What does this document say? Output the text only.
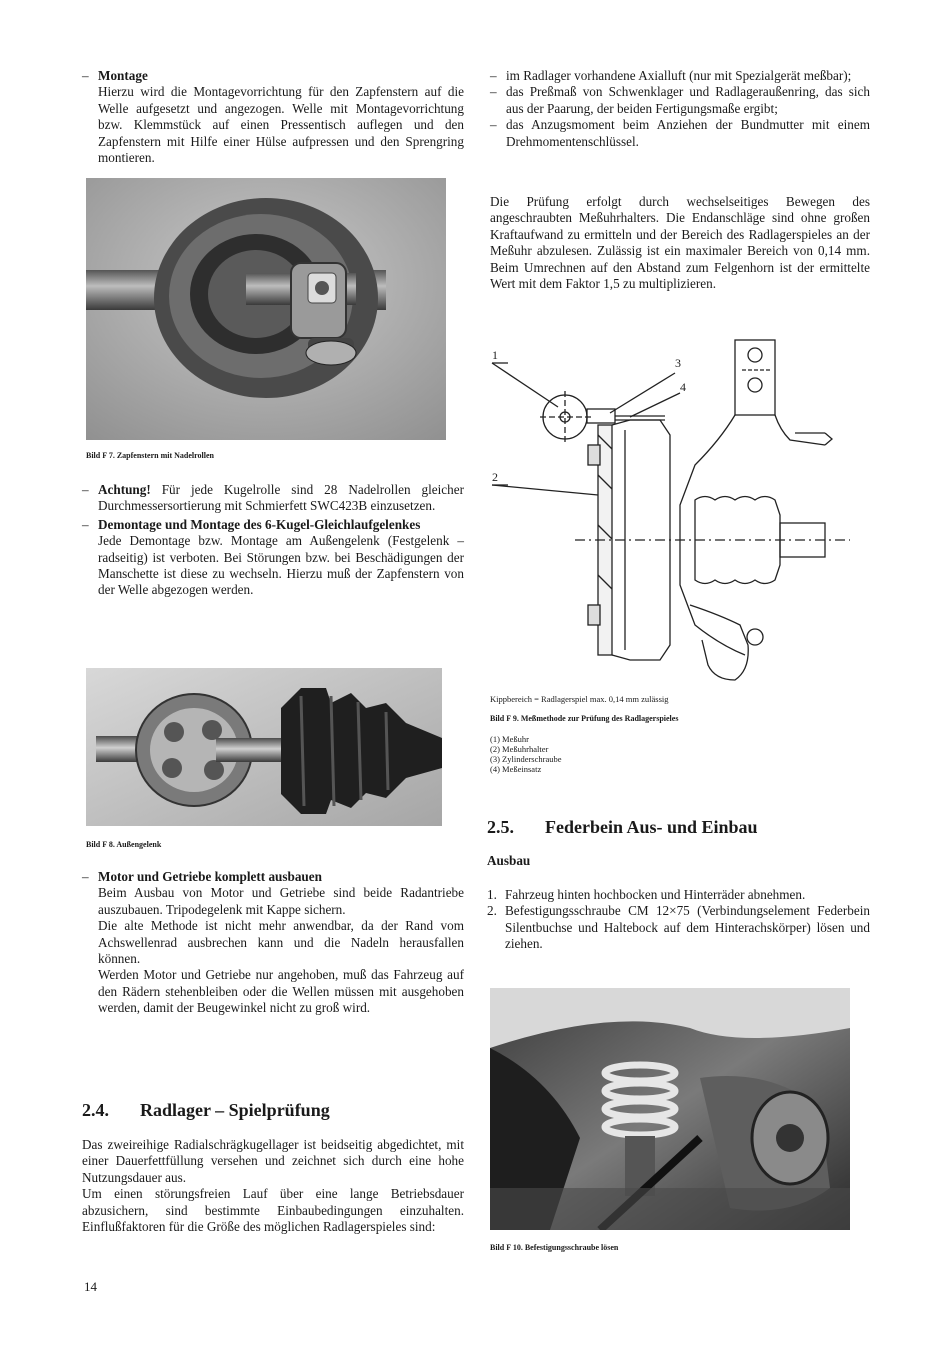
– Montage

Hierzu wird die Montagevorrichtung für den Zapfenstern auf die Welle aufgesetzt und angezogen. Welle mit Montagevorrichtung bzw. Klemmstück auf einen Pressentisch auflegen und den Zapfenstern mit Hilfe einer Hülse aufpressen und den Sprengring montieren.

Bild F 7. Zapfenstern mit Nadelrollen
– Achtung! Für jede Kugelrolle sind 28 Nadelrollen gleicher Durchmessersortierung mit Schmierfett SWC423B einzusetzen.

– Demontage und Montage des 6-Kugel-Gleichlaufgelenkes

Jede Demontage bzw. Montage am Außengelenk (Festgelenk – radseitig) ist verboten. Bei Störungen bzw. bei Beschädigungen der Manschette ist diese zu wechseln. Hierzu muß der Zapfenstern von der Welle abgezogen werden.

Bild F 8. Außengelenk
– Motor und Getriebe komplett ausbauen

Beim Ausbau von Motor und Getriebe sind beide Radantriebe auszubauen. Tripodegelenk mit Kappe sichern.

Die alte Methode ist nicht mehr anwendbar, da der Rand vom Achswellenrad ausbrechen kann und die Nadeln herausfallen können.

Werden Motor und Getriebe nur angehoben, muß das Fahrzeug auf den Rädern stehenbleiben oder die Wellen müssen mit ausgehoben werden, damit der Beugewinkel nicht zu groß wird.

2.4. Radlager – Spielprüfung

Das zweireihige Radialschrägkugellager ist beidseitig abgedichtet, mit einer Dauerfettfüllung versehen und zeichnet sich durch eine hohe Nutzungsdauer aus.

Um einen störungsfreien Lauf über eine lange Betriebsdauer abzusichern, sind bestimmte Einbaubedingungen einzuhalten. Einflußfaktoren für die Größe des möglichen Radlagerspieles sind:

14
– im Radlager vorhandene Axialluft (nur mit Spezialgerät meßbar);

– das Preßmaß von Schwenklager und Radlageraußenring, das sich aus der Paarung, der beiden Fertigungsmaße ergibt;

– das Anzugsmoment beim Anziehen der Bundmutter mit einem Drehmomentenschlüssel.

Die Prüfung erfolgt durch wechselseitiges Bewegen des angeschraubten Meßuhrhalters. Die Endanschläge sind ohne großen Kraftaufwand zu ermitteln und der Bereich des Radlagerspieles an der Meßuhr abzulesen. Zulässig ist ein maximaler Bereich von 0,14 mm. Beim Umrechnen auf den Abstand zum Felgenhorn ist der ermittelte Wert mit dem Faktor 1,5 zu multiplizieren.

1
2
3
4
Kippbereich = Radlagerspiel max. 0,14 mm zulässig
Bild F 9. Meßmethode zur Prüfung des Radlagerspieles
(1) Meßuhr
(2) Meßuhrhalter
(3) Zylinderschraube
(4) Meßeinsatz
2.5. Federbein Aus- und Einbau
Ausbau
1. Fahrzeug hinten hochbocken und Hinterräder abnehmen.
2. Befestigungsschraube CM 12×75 (Verbindungselement Federbein Silentbuchse und Haltebock auf dem Hinterachskörper) lösen und ziehen.
Bild F 10. Befestigungsschraube lösen
